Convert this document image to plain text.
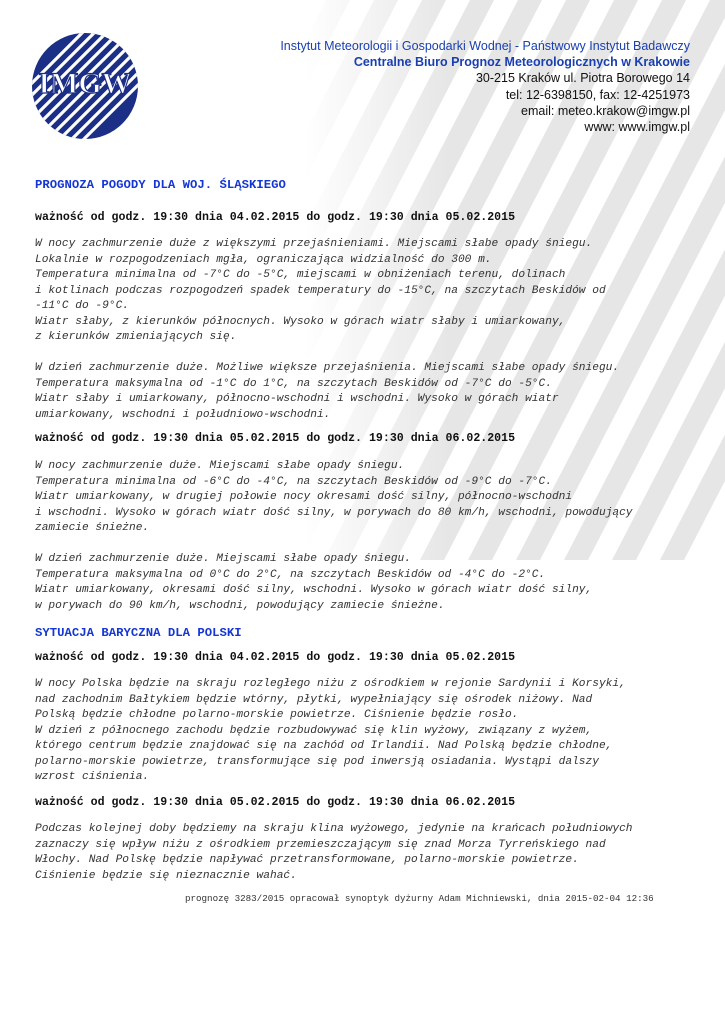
IMGW
Instytut Meteorologii i Gospodarki Wodnej - Państwowy Instytut Badawczy
Centralne Biuro Prognoz Meteorologicznych w Krakowie
30-215 Kraków ul. Piotra Borowego 14
tel: 12-6398150, fax: 12-4251973
email: meteo.krakow@imgw.pl
www: www.imgw.pl
PROGNOZA POGODY DLA WOJ. ŚLĄSKIEGO
ważność od godz. 19:30 dnia 04.02.2015 do godz. 19:30 dnia 05.02.2015
W nocy zachmurzenie duże z większymi przejaśnieniami. Miejscami słabe opady śniegu.
Lokalnie w rozpogodzeniach mgła, ograniczająca widzialność do 300 m.
Temperatura minimalna od -7°C do -5°C, miejscami w obniżeniach terenu, dolinach
i kotlinach podczas rozpogodzeń spadek temperatury do -15°C, na szczytach Beskidów od
-11°C do -9°C.
Wiatr słaby, z kierunków północnych. Wysoko w górach wiatr słaby i umiarkowany,
z kierunków zmieniających się.
W dzień zachmurzenie duże. Możliwe większe przejaśnienia. Miejscami słabe opady śniegu.
Temperatura maksymalna od -1°C do 1°C, na szczytach Beskidów od -7°C do -5°C.
Wiatr słaby i umiarkowany, północno-wschodni i wschodni. Wysoko w górach wiatr
umiarkowany, wschodni i południowo-wschodni.
ważność od godz. 19:30 dnia 05.02.2015 do godz. 19:30 dnia 06.02.2015
W nocy zachmurzenie duże. Miejscami słabe opady śniegu.
Temperatura minimalna od -6°C do -4°C, na szczytach Beskidów od -9°C do -7°C.
Wiatr umiarkowany, w drugiej połowie nocy okresami dość silny, północno-wschodni
i wschodni. Wysoko w górach wiatr dość silny, w porywach do 80 km/h, wschodni, powodujący
zamiecie śnieżne.
W dzień zachmurzenie duże. Miejscami słabe opady śniegu.
Temperatura maksymalna od 0°C do 2°C, na szczytach Beskidów od -4°C do -2°C.
Wiatr umiarkowany, okresami dość silny, wschodni. Wysoko w górach wiatr dość silny,
w porywach do 90 km/h, wschodni, powodujący zamiecie śnieżne.
SYTUACJA BARYCZNA DLA POLSKI
ważność od godz. 19:30 dnia 04.02.2015 do godz. 19:30 dnia 05.02.2015
W nocy Polska będzie na skraju rozległego niżu z ośrodkiem w rejonie Sardynii i Korsyki,
nad zachodnim Bałtykiem będzie wtórny, płytki, wypełniający się ośrodek niżowy. Nad
Polską będzie chłodne polarno-morskie powietrze. Ciśnienie będzie rosło.
W dzień z północnego zachodu będzie rozbudowywać się klin wyżowy, związany z wyżem,
którego centrum będzie znajdować się na zachód od Irlandii. Nad Polską będzie chłodne,
polarno-morskie powietrze, transformujące się pod inwersją osiadania. Wystąpi dalszy
wzrost ciśnienia.
ważność od godz. 19:30 dnia 05.02.2015 do godz. 19:30 dnia 06.02.2015
Podczas kolejnej doby będziemy na skraju klina wyżowego, jedynie na krańcach południowych
zaznaczy się wpływ niżu z ośrodkiem przemieszczającym się znad Morza Tyrreńskiego nad
Włochy. Nad Polskę będzie napływać przetransformowane, polarno-morskie powietrze.
Ciśnienie będzie się nieznacznie wahać.
prognozę 3283/2015 opracował synoptyk dyżurny Adam Michniewski, dnia 2015-02-04 12:36
